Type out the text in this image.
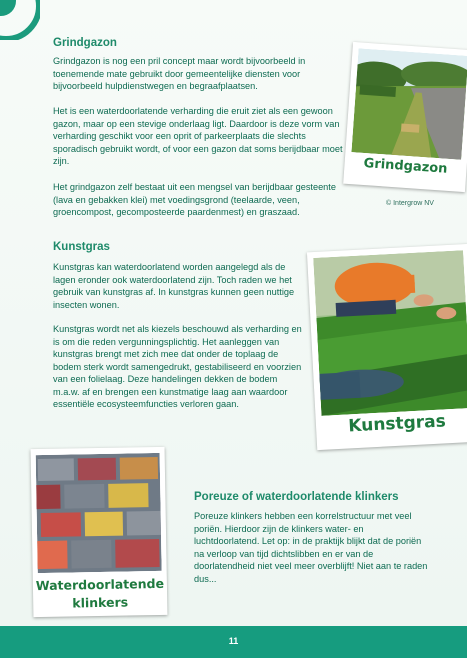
Grindgazon

Grindgazon is nog een pril concept maar wordt bijvoorbeeld in toenemende mate gebruikt door gemeentelijke diensten voor bijvoorbeeld hulpdienstwegen en begraafplaatsen.

Het is een waterdoorlatende verharding die eruit ziet als een gewoon gazon, maar op een stevige onderlaag ligt. Daardoor is deze vorm van verharding geschikt voor een oprit of parkeerplaats die slechts sporadisch gebruikt wordt, of voor een gazon dat soms berijdbaar moet zijn.

Het grindgazon zelf bestaat uit een mengsel van berijdbaar gesteente (lava en gebakken klei) met voedingsgrond (teelaarde, veen, groencompost, gecomposteerde paardenmest) en graszaad.

Grindgazon
© Intergrow NV
Kunstgras

Kunstgras kan waterdoorlatend worden aangelegd als de lagen eronder ook waterdoorlatend zijn. Toch raden we het gebruik van kunstgras af. In kunstgras kunnen geen nuttige insecten wonen.

Kunstgras wordt net als kiezels beschouwd als verharding en is om die reden vergunningsplichtig. Het aanleggen van kunstgras brengt met zich mee dat onder de toplaag de bodem sterk wordt samengedrukt, gestabiliseerd en voorzien van een folielaag. Deze handelingen dekken de bodem m.a.w. af en brengen een kunstmatige laag aan waardoor essentiële ecosysteemfuncties verloren gaan.

Kunstgras
Waterdoorlatende
klinkers
Poreuze of waterdoorlatende klinkers

Poreuze klinkers hebben een korrelstructuur met veel poriën. Hierdoor zijn de klinkers water- en luchtdoorlatend. Let op: in de praktijk blijkt dat de poriën na verloop van tijd dichtslibben en er van de doorlatendheid niet veel meer overblijft! Niet aan te raden dus...

11
